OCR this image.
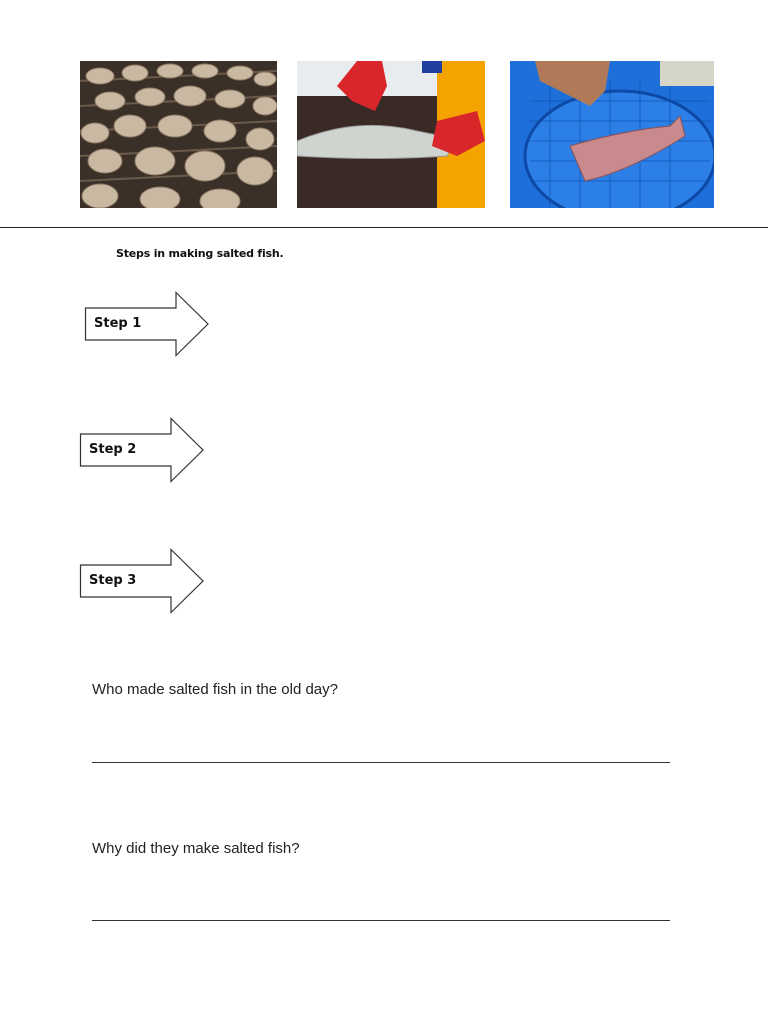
Steps in making salted fish.
Step 1
Step 2
Step 3
Who made salted fish in the old day?
Why did they make salted fish?
